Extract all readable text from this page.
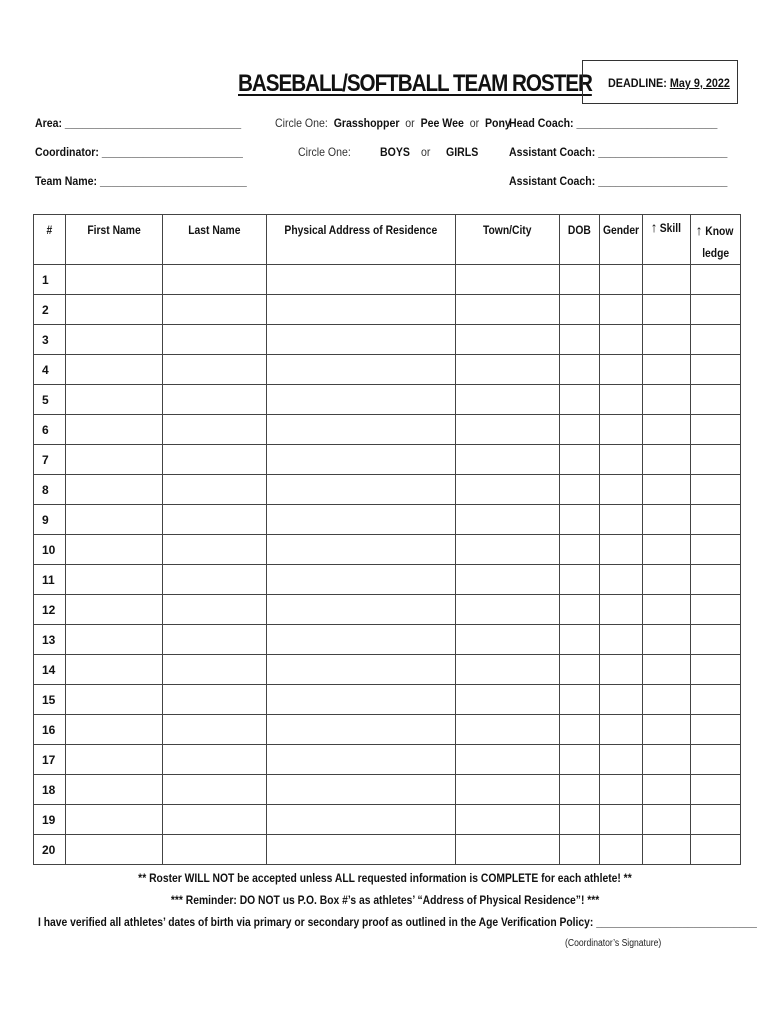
BASEBALL/SOFTBALL TEAM ROSTER DEADLINE: May 9, 2022
Area: ______________________________
Coordinator: ________________________
Team Name: _________________________
Circle One: Grasshopper or Pee Wee or Pony
Circle One: BOYS or GIRLS
Head Coach: ________________________
Assistant Coach: ______________________
Assistant Coach: ______________________
#	First Name	Last Name	Physical Address of Residence	Town/City	DOB	Gender	↑ Skill	↑ Know
ledge
1								
2								
3								
4								
5								
6								
7								
8								
9								
10								
11								
12								
13								
14								
15								
16								
17								
18								
19								
20								
** Roster WILL NOT be accepted unless ALL requested information is COMPLETE for each athlete! **
*** Reminder: DO NOT us P.O. Box #’s as athletes’ “Address of Physical Residence”! ***
I have verified all athletes’ dates of birth via primary or secondary proof as outlined in the Age Verification Policy: ____________________________
(Coordinator’s Signature)
